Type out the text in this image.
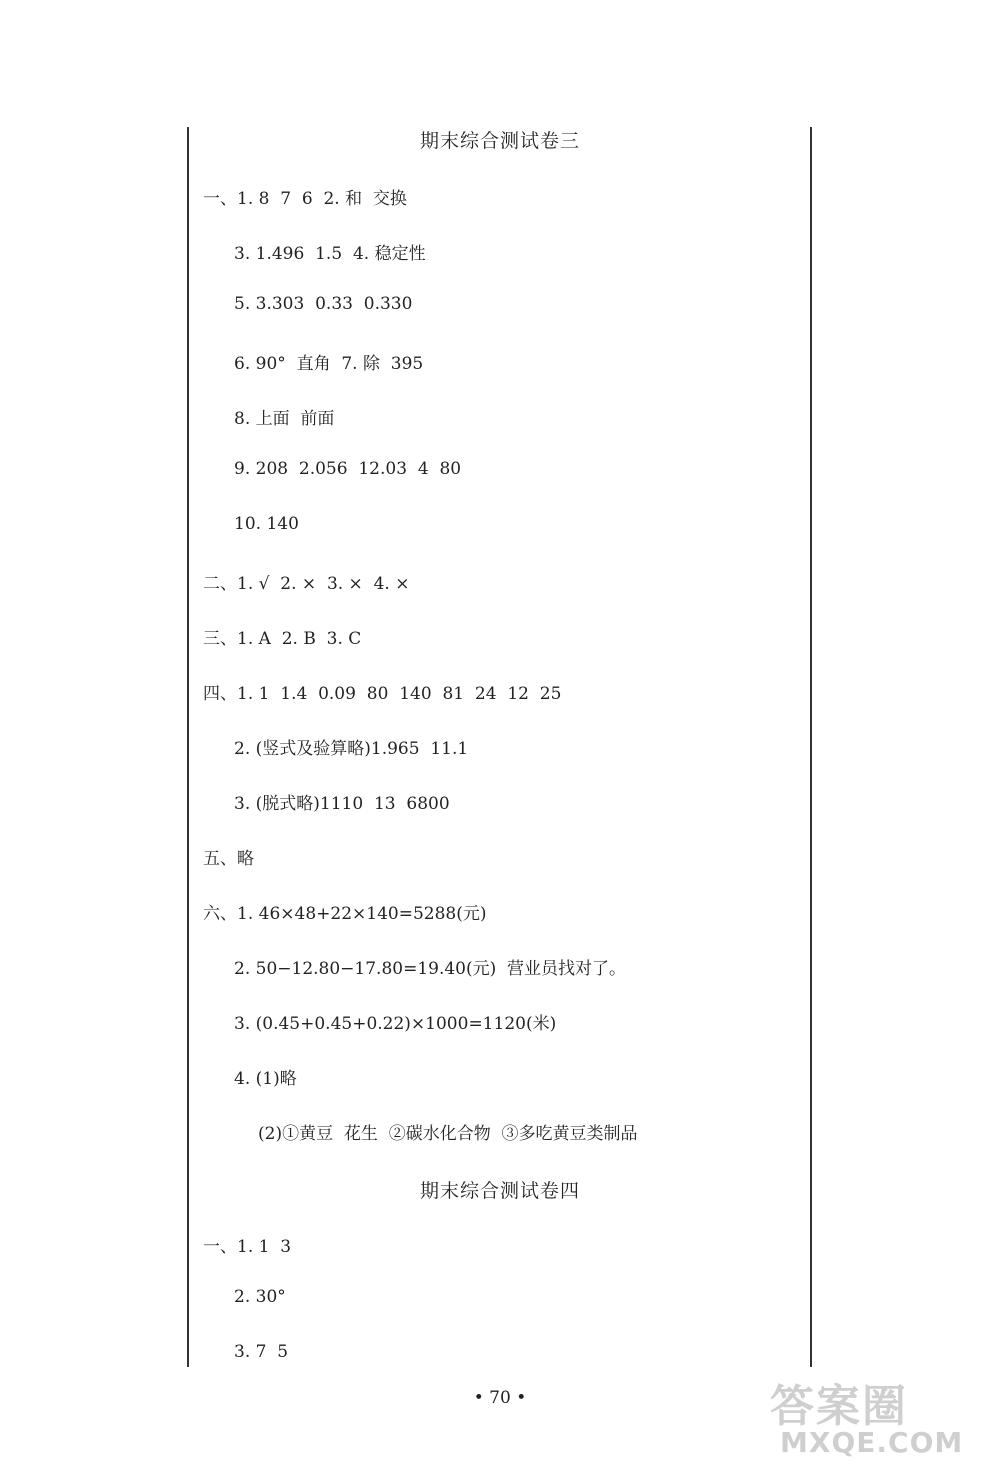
期末综合测试卷三
一、1. 8  7  6  2. 和  交换
3. 1.496  1.5  4. 稳定性
5. 3.303  0.33  0.330
6. 90°  直角  7. 除  395
8. 上面  前面
9. 208  2.056  12.03  4  80
10. 140
二、1. √  2. ×  3. ×  4. ×
三、1. A  2. B  3. C
四、1. 1  1.4  0.09  80  140  81  24  12  25
2. (竖式及验算略)1.965  11.1
3. (脱式略)1110  13  6800
五、略
六、1. 46×48+22×140=5288(元)
2. 50−12.80−17.80=19.40(元)  营业员找对了。
3. (0.45+0.45+0.22)×1000=1120(米)
4. (1)略
(2)①黄豆  花生  ②碳水化合物  ③多吃黄豆类制品
期末综合测试卷四
一、1. 1  3
2. 30°
3. 7  5
• 70 •	答案圈
MXQE.COM
